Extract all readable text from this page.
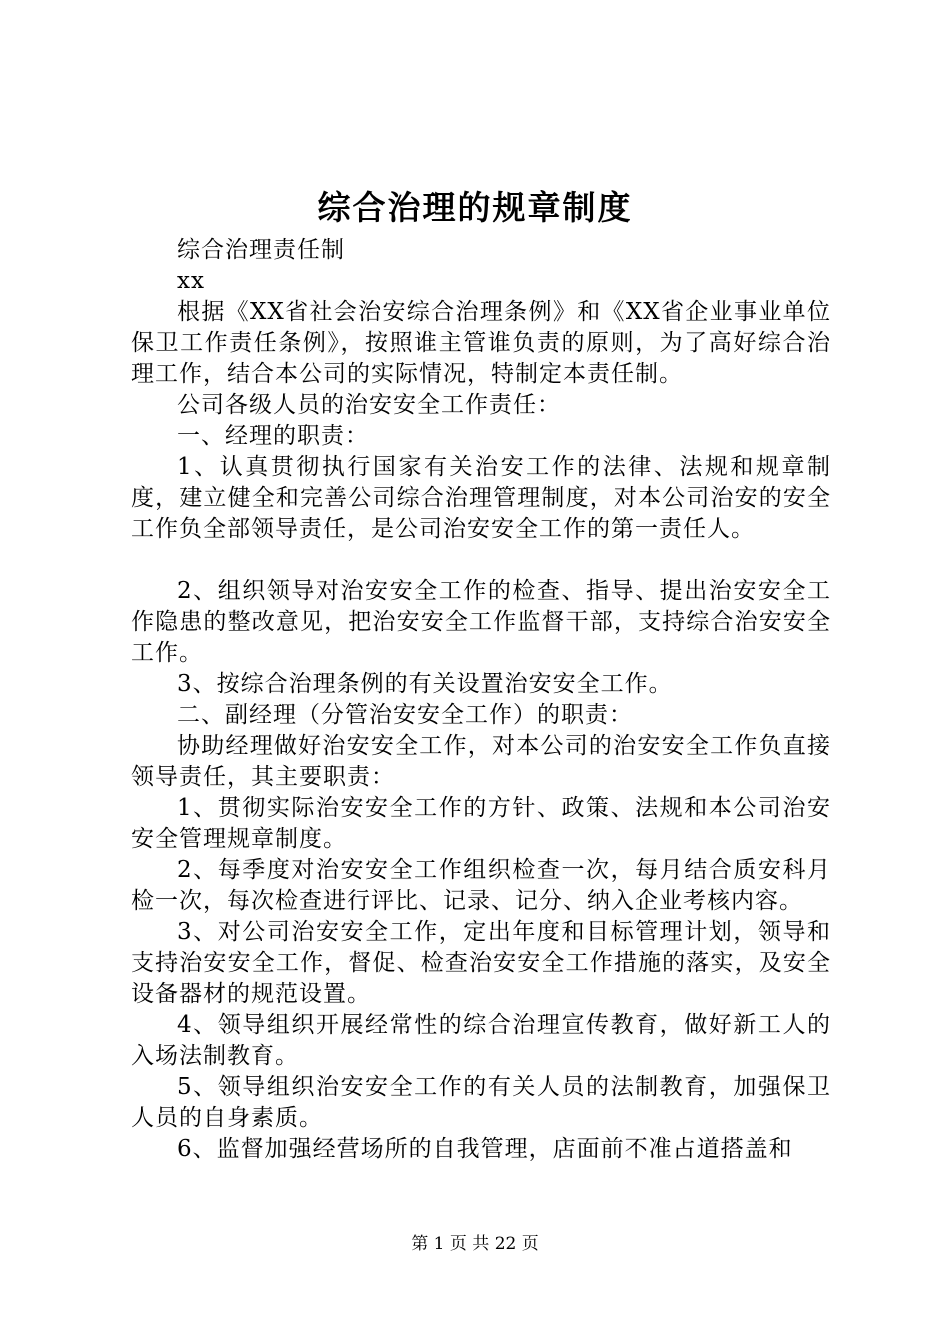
综合治理的规章制度

综合治理责任制

xx

根据《XX省社会治安综合治理条例》和《XX省企业事业单位保卫工作责任条例》，按照谁主管谁负责的原则，为了高好综合治理工作，结合本公司的实际情况，特制定本责任制。

公司各级人员的治安安全工作责任：

一、经理的职责：

1、认真贯彻执行国家有关治安工作的法律、法规和规章制度，建立健全和完善公司综合治理管理制度，对本公司治安的安全工作负全部领导责任，是公司治安安全工作的第一责任人。

2、组织领导对治安安全工作的检查、指导、提出治安安全工作隐患的整改意见，把治安安全工作监督干部，支持综合治安安全工作。

3、按综合治理条例的有关设置治安安全工作。

二、副经理（分管治安安全工作）的职责：

协助经理做好治安安全工作，对本公司的治安安全工作负直接领导责任，其主要职责：

1、贯彻实际治安安全工作的方针、政策、法规和本公司治安安全管理规章制度。

2、每季度对治安安全工作组织检查一次，每月结合质安科月检一次，每次检查进行评比、记录、记分、纳入企业考核内容。

3、对公司治安安全工作，定出年度和目标管理计划，领导和支持治安安全工作，督促、检查治安安全工作措施的落实，及安全设备器材的规范设置。

4、领导组织开展经常性的综合治理宣传教育，做好新工人的入场法制教育。

5、领导组织治安安全工作的有关人员的法制教育，加强保卫人员的自身素质。

6、监督加强经营场所的自我管理，店面前不准占道搭盖和

第 1 页 共 22 页
